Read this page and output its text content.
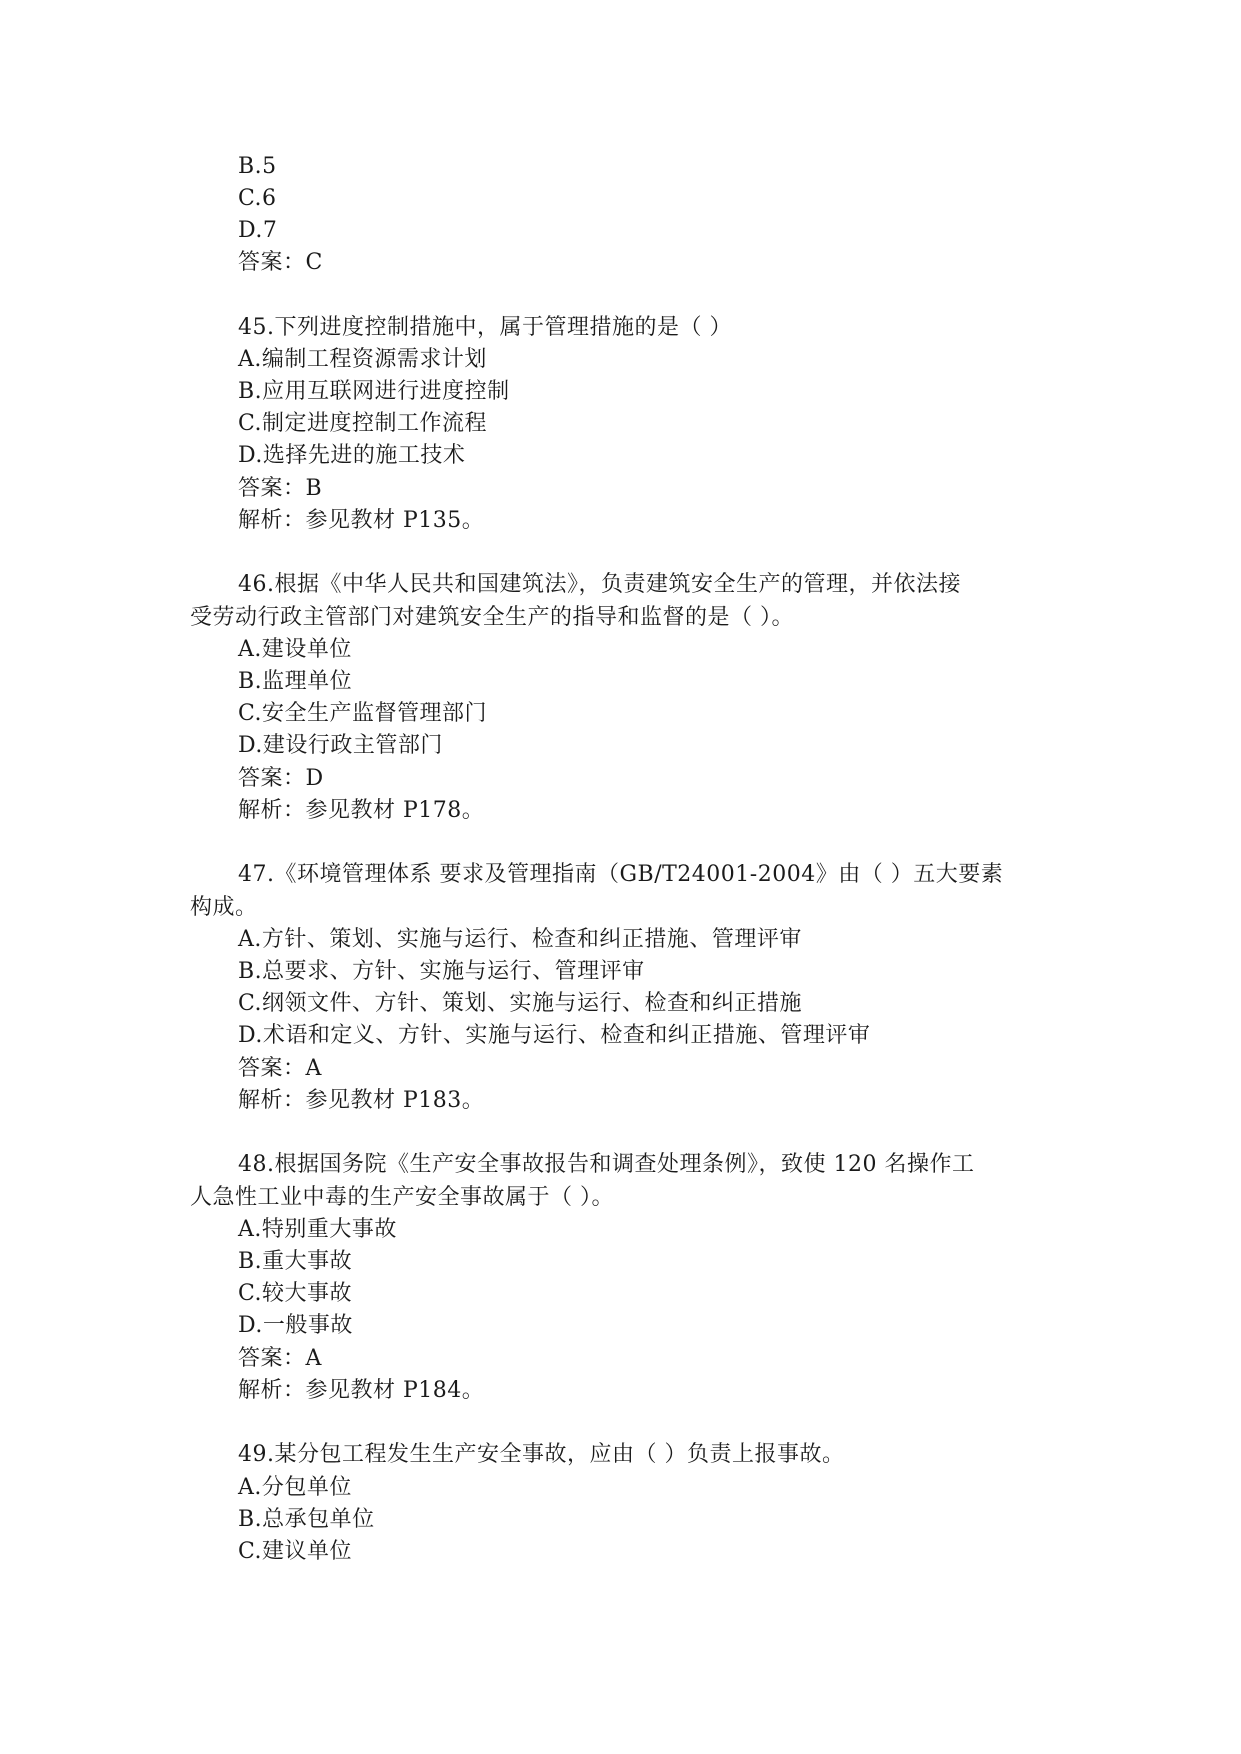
B.5
C.6
D.7
答案：C
45.下列进度控制措施中，属于管理措施的是（ ）
A.编制工程资源需求计划
B.应用互联网进行进度控制
C.制定进度控制工作流程
D.选择先进的施工技术
答案：B
解析：参见教材 P135。
46.根据《中华人民共和国建筑法》，负责建筑安全生产的管理，并依法接
受劳动行政主管部门对建筑安全生产的指导和监督的是（ ）。
A.建设单位
B.监理单位
C.安全生产监督管理部门
D.建设行政主管部门
答案：D
解析：参见教材 P178。
47.《环境管理体系 要求及管理指南（GB/T24001-2004》由（ ）五大要素
构成。
A.方针、策划、实施与运行、检查和纠正措施、管理评审
B.总要求、方针、实施与运行、管理评审
C.纲领文件、方针、策划、实施与运行、检查和纠正措施
D.术语和定义、方针、实施与运行、检查和纠正措施、管理评审
答案：A
解析：参见教材 P183。
48.根据国务院《生产安全事故报告和调查处理条例》，致使 120 名操作工
人急性工业中毒的生产安全事故属于（ ）。
A.特别重大事故
B.重大事故
C.较大事故
D.一般事故
答案：A
解析：参见教材 P184。
49.某分包工程发生生产安全事故，应由（ ）负责上报事故。
A.分包单位
B.总承包单位
C.建议单位
